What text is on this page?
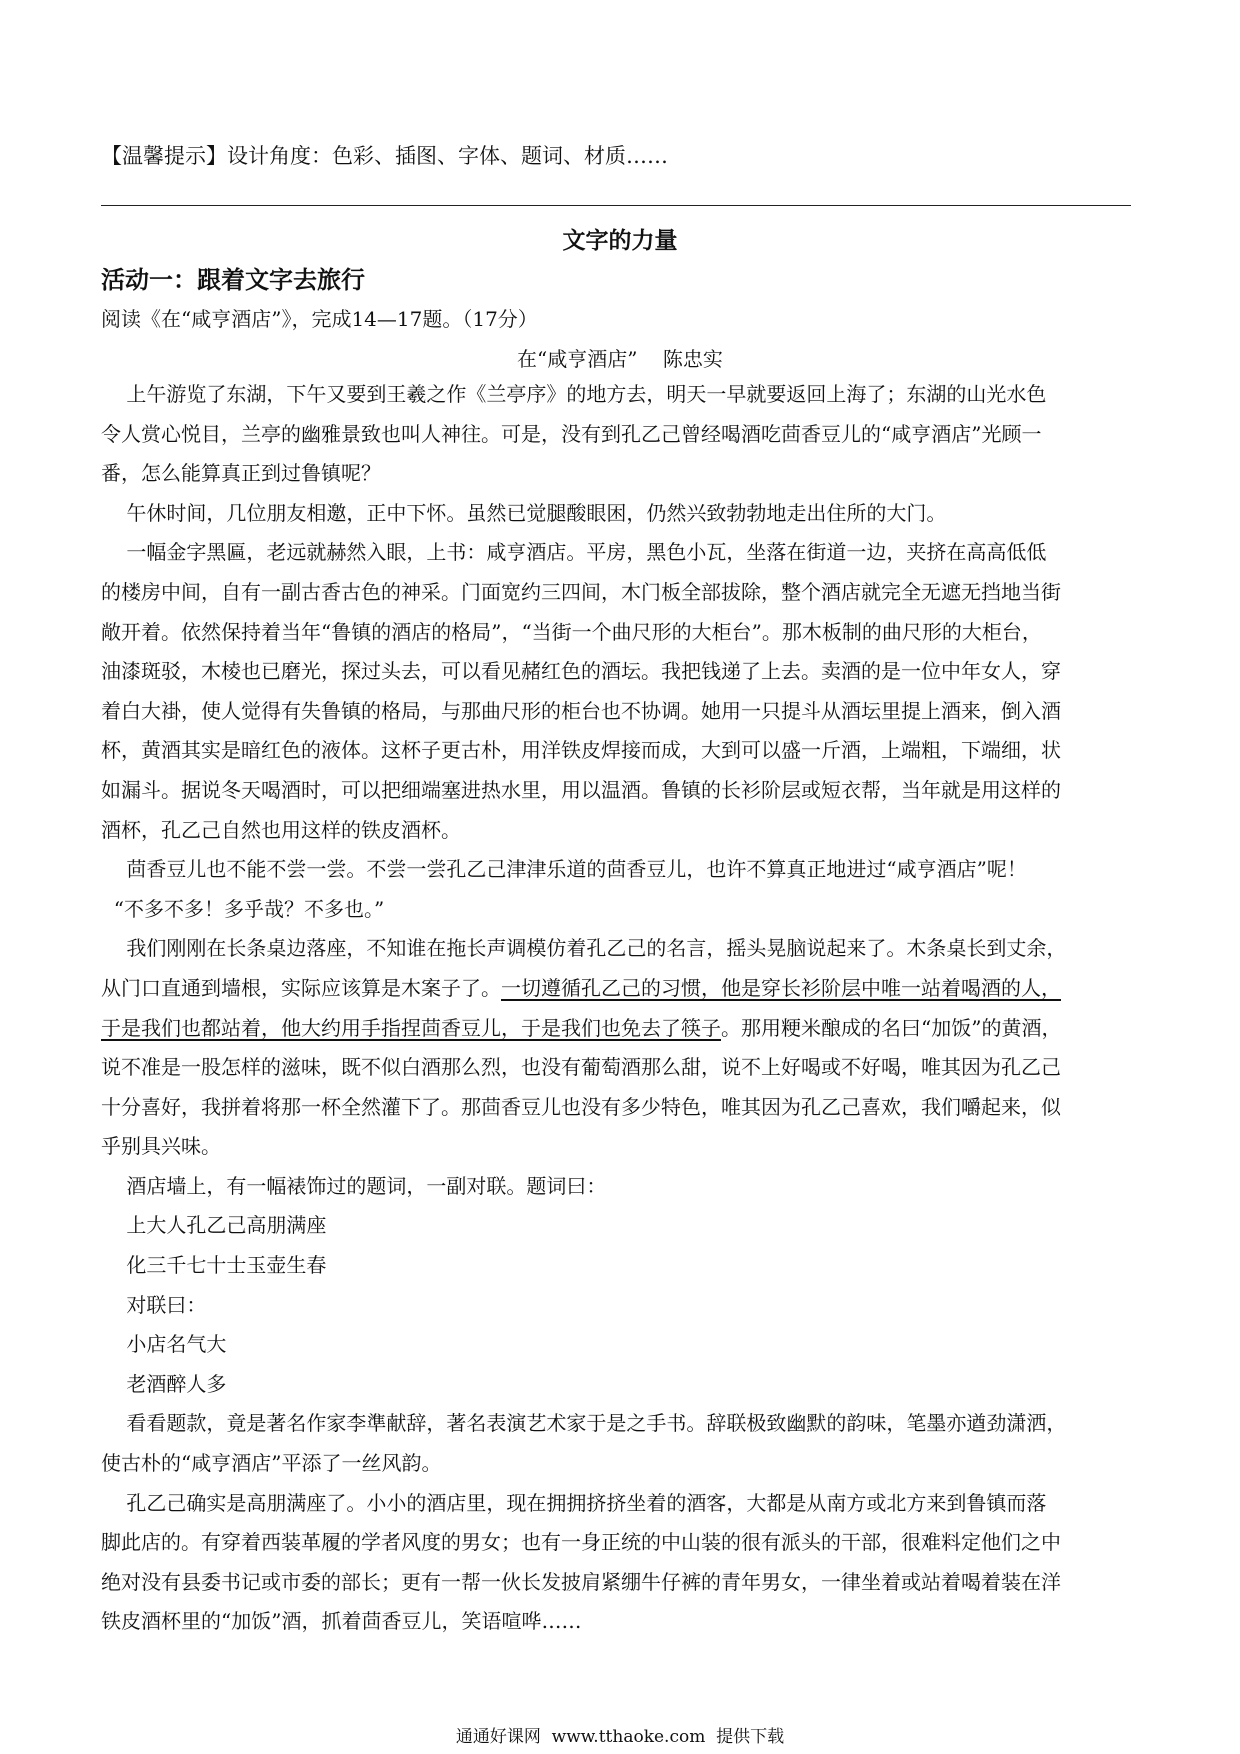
【温馨提示】设计角度：色彩、插图、字体、题词、材质……
文字的力量
活动一：跟着文字去旅行
阅读《在“咸亨酒店”》，完成14—17题。（17分）
在“咸亨酒店”    陈忠实

上午游览了东湖，下午又要到王羲之作《兰亭序》的地方去，明天一早就要返回上海了；东湖的山光水色

令人赏心悦目，兰亭的幽雅景致也叫人神往。可是，没有到孔乙己曾经喝酒吃茴香豆儿的“咸亨酒店”光顾一

番，怎么能算真正到过鲁镇呢？

午休时间，几位朋友相邀，正中下怀。虽然已觉腿酸眼困，仍然兴致勃勃地走出住所的大门。

一幅金字黑匾，老远就赫然入眼，上书：咸亨酒店。平房，黑色小瓦，坐落在街道一边，夹挤在高高低低

的楼房中间，自有一副古香古色的神采。门面宽约三四间，木门板全部拔除，整个酒店就完全无遮无挡地当街

敞开着。依然保持着当年“鲁镇的酒店的格局”，“当街一个曲尺形的大柜台”。那木板制的曲尺形的大柜台，

油漆斑驳，木棱也已磨光，探过头去，可以看见赭红色的酒坛。我把钱递了上去。卖酒的是一位中年女人，穿

着白大褂，使人觉得有失鲁镇的格局，与那曲尺形的柜台也不协调。她用一只提斗从酒坛里提上酒来，倒入酒

杯，黄酒其实是暗红色的液体。这杯子更古朴，用洋铁皮焊接而成，大到可以盛一斤酒，上端粗，下端细，状

如漏斗。据说冬天喝酒时，可以把细端塞进热水里，用以温酒。鲁镇的长衫阶层或短衣帮，当年就是用这样的

酒杯，孔乙己自然也用这样的铁皮酒杯。

茴香豆儿也不能不尝一尝。不尝一尝孔乙己津津乐道的茴香豆儿，也许不算真正地进过“咸亨酒店”呢！

“不多不多！多乎哉？不多也。”

我们刚刚在长条桌边落座，不知谁在拖长声调模仿着孔乙己的名言，摇头晃脑说起来了。木条桌长到丈余，

从门口直通到墙根，实际应该算是木案子了。一切遵循孔乙己的习惯，他是穿长衫阶层中唯一站着喝酒的人，

于是我们也都站着，他大约用手指捏茴香豆儿，于是我们也免去了筷子。那用粳米酿成的名曰“加饭”的黄酒，

说不准是一股怎样的滋味，既不似白酒那么烈，也没有葡萄酒那么甜，说不上好喝或不好喝，唯其因为孔乙己

十分喜好，我拼着将那一杯全然灌下了。那茴香豆儿也没有多少特色，唯其因为孔乙己喜欢，我们嚼起来，似

乎别具兴味。

酒店墙上，有一幅裱饰过的题词，一副对联。题词曰：

上大人孔乙己高朋满座

化三千七十士玉壶生春

对联曰：

小店名气大

老酒醉人多

看看题款，竟是著名作家李準献辞，著名表演艺术家于是之手书。辞联极致幽默的韵味，笔墨亦遒劲潇洒，

使古朴的“咸亨酒店”平添了一丝风韵。

孔乙己确实是高朋满座了。小小的酒店里，现在拥拥挤挤坐着的酒客，大都是从南方或北方来到鲁镇而落

脚此店的。有穿着西装革履的学者风度的男女；也有一身正统的中山装的很有派头的干部，很难料定他们之中

绝对没有县委书记或市委的部长；更有一帮一伙长发披肩紧绷牛仔裤的青年男女，一律坐着或站着喝着装在洋

铁皮酒杯里的“加饭”酒，抓着茴香豆儿，笑语喧哗……

通通好课网  www.tthaoke.com  提供下载
